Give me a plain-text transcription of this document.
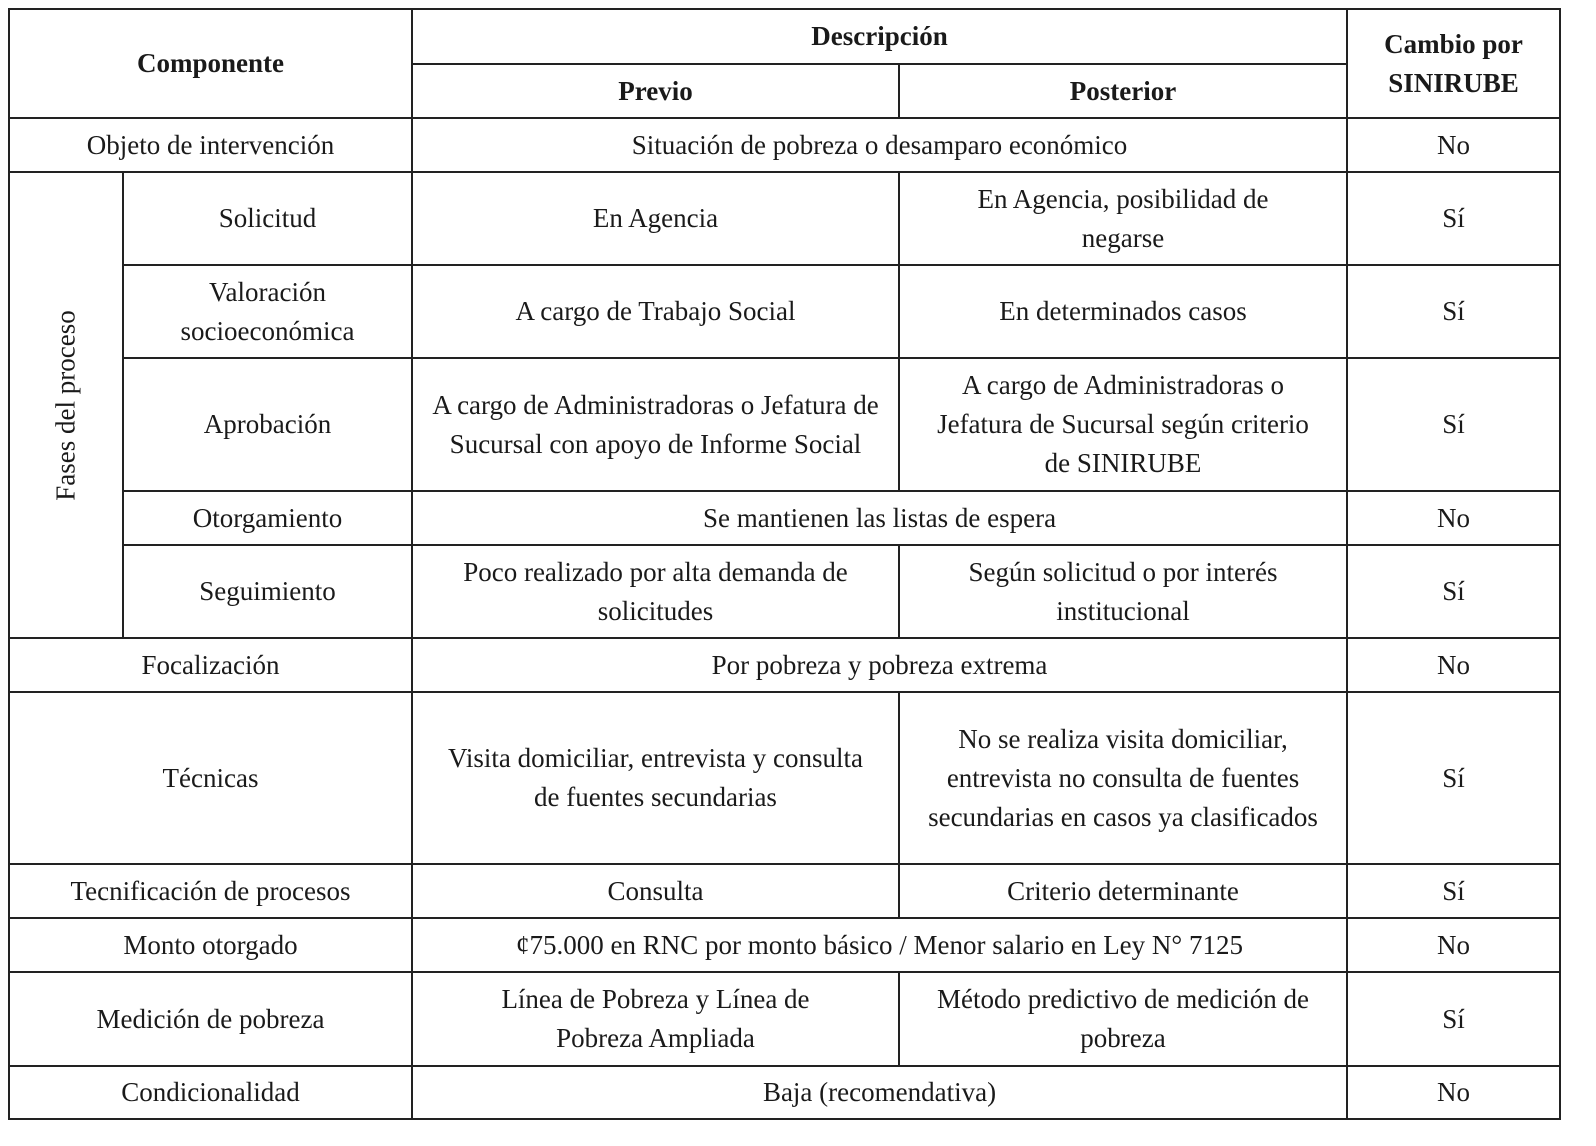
Componente		Descripción		Cambio por SINIRUBE
		Previo	Posterior	
Objeto de intervención		Situación de pobreza o desamparo económico		No

Fases del proceso	Solicitud	En Agencia	En Agencia, posibilidad de negarse	Sí
	Valoración socioeconómica	A cargo de Trabajo Social	En determinados casos	Sí
	Aprobación	A cargo de Administradoras o Jefatura de Sucursal con apoyo de Informe Social	A cargo de Administradoras o Jefatura de Sucursal según criterio de SINIRUBE	Sí
	Otorgamiento	Se mantienen las listas de espera		No
	Seguimiento	Poco realizado por alta demanda de solicitudes	Según solicitud o por interés institucional	Sí
Focalización		Por pobreza y pobreza extrema		No
Técnicas		Visita domiciliar, entrevista y consulta de fuentes secundarias	No se realiza visita domiciliar, entrevista no consulta de fuentes secundarias en casos ya clasificados	Sí
Tecnificación de procesos		Consulta	Criterio determinante	Sí
Monto otorgado		¢75.000 en RNC por monto básico / Menor salario en Ley N° 7125		No
Medición de pobreza		Línea de Pobreza y Línea de Pobreza Ampliada	Método predictivo de medición de pobreza	Sí
Condicionalidad		Baja (recomendativa)		No
